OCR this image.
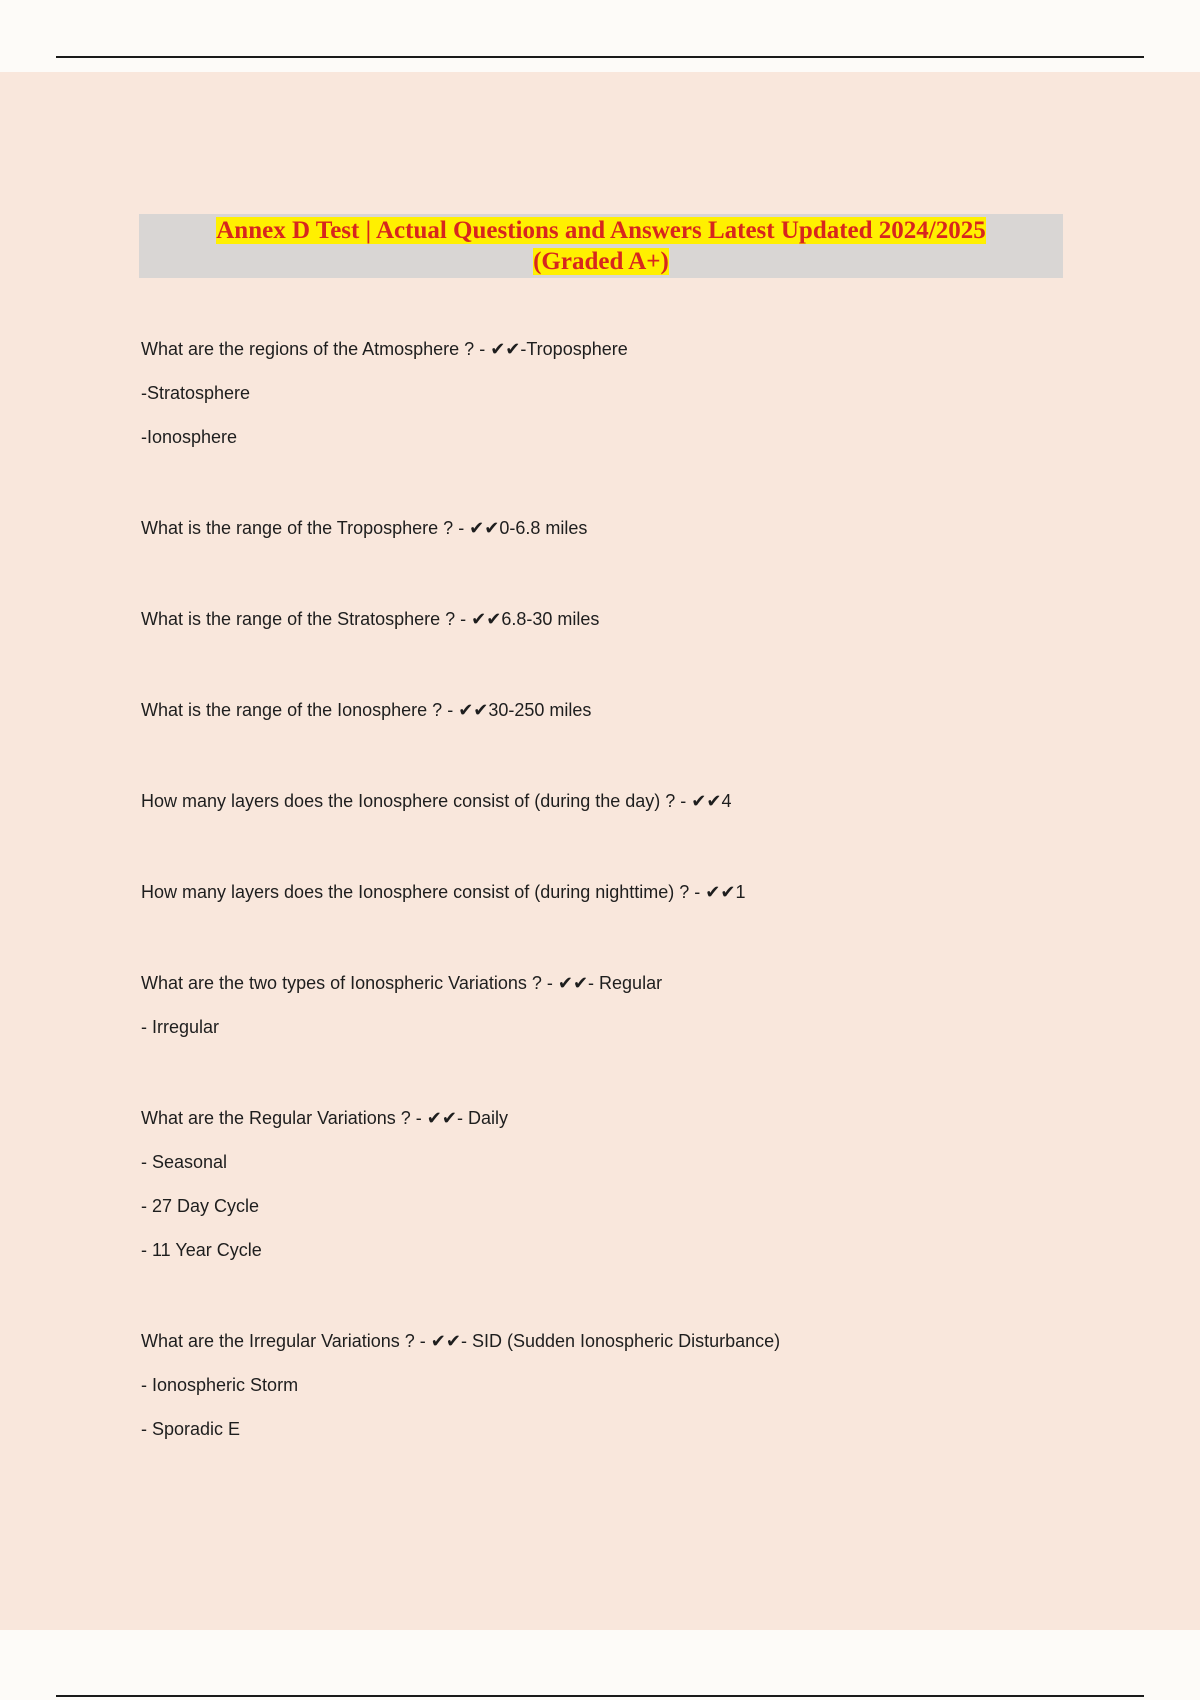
Annex D Test | Actual Questions and Answers Latest Updated 2024/2025
(Graded A+)
What are the regions of the Atmosphere ? - ✔✔-Troposphere
-Stratosphere
-Ionosphere
What is the range of the Troposphere ? - ✔✔0-6.8 miles
What is the range of the Stratosphere ? - ✔✔6.8-30 miles
What is the range of the Ionosphere ? - ✔✔30-250 miles
How many layers does the Ionosphere consist of (during the day) ? - ✔✔4
How many layers does the Ionosphere consist of (during nighttime) ? - ✔✔1
What are the two types of Ionospheric Variations ? - ✔✔- Regular
- Irregular
What are the Regular Variations ? - ✔✔- Daily
- Seasonal
- 27 Day Cycle
- 11 Year Cycle
What are the Irregular Variations ? - ✔✔- SID (Sudden Ionospheric Disturbance)
- Ionospheric Storm
- Sporadic E
